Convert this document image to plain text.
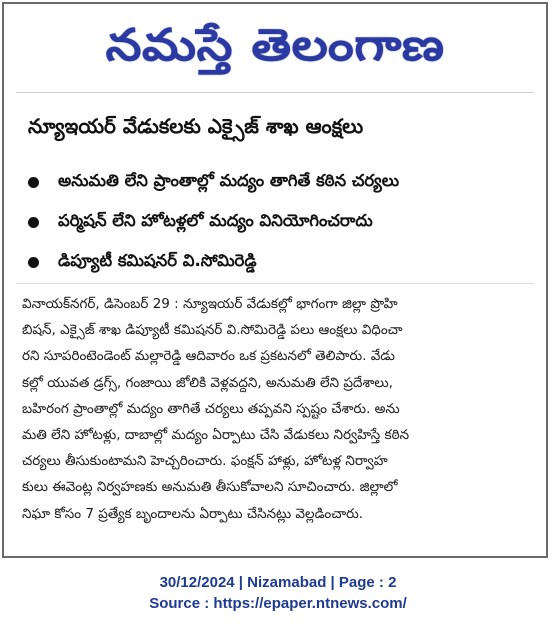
నమస్తే తెలంగాణ
న్యూఇయర్ వేడుకలకు ఎక్సైజ్ శాఖ ఆంక్షలు
అనుమతి లేని ప్రాంతాల్లో మద్యం తాగితే కఠిన చర్యలు
పర్మిషన్ లేని హోటళ్లలో మద్యం వినియోగించరాదు
డిప్యూటీ కమిషనర్ వి.సోమిరెడ్డి
వినాయక్‌నగర్, డిసెంబర్ 29 : న్యూఇయర్ వేడుకల్లో భాగంగా జిల్లా ప్రొహి
బిషన్, ఎక్సైజ్ శాఖ డిప్యూటీ కమిషనర్ వి.సోమిరెడ్డి పలు ఆంక్షలు విధించా
రని సూపరింటెండెంట్ మల్లారెడ్డి ఆదివారం ఒక ప్రకటనలో తెలిపారు. వేడు
కల్లో యువత డ్రగ్స్, గంజాయి జోలికి వెళ్లవద్దని, అనుమతి లేని ప్రదేశాలు,
బహిరంగ ప్రాంతాల్లో మద్యం తాగితే చర్యలు తప్పవని స్పష్టం చేశారు. అను
మతి లేని హోటళ్లు, దాబాల్లో మద్యం ఏర్పాటు చేసి వేడుకలు నిర్వహిస్తే కఠిన
చర్యలు తీసుకుంటామని హెచ్చరించారు. ఫంక్షన్ హాళ్లు, హోటళ్ల నిర్వాహ
కులు ఈవెంట్ల నిర్వహణకు అనుమతి తీసుకోవాలని సూచించారు. జిల్లాలో
నిఘా కోసం 7 ప్రత్యేక బృందాలను ఏర్పాటు చేసినట్లు వెల్లడించారు.
30/12/2024 | Nizamabad | Page : 2
Source : https://epaper.ntnews.com/
